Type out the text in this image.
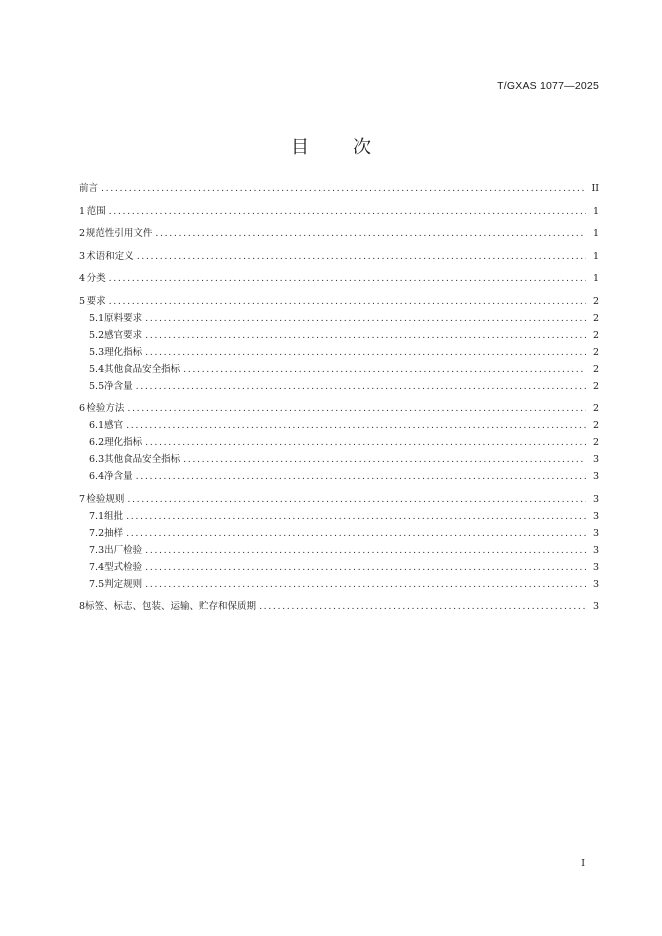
T/GXAS 1077—2025
目 次
前言 .....	II
1 范围 .....	1
2 规范性引用文件 .....	1
3 术语和定义 .....	1
4 分类 .....	1
5 要求 .....	2
5.1 原料要求 .....	2
5.2 感官要求 .....	2
5.3 理化指标 .....	2
5.4 其他食品安全指标 .....	2
5.5 净含量 .....	2
6 检验方法 .....	2
6.1 感官 .....	2
6.2 理化指标 .....	2
6.3 其他食品安全指标 .....	3
6.4 净含量 .....	3
7 检验规则 .....	3
7.1 组批 .....	3
7.2 抽样 .....	3
7.3 出厂检验 .....	3
7.4 型式检验 .....	3
7.5 判定规则 .....	3
8 标签、标志、包装、运输、贮存和保质期 .....	3
I
